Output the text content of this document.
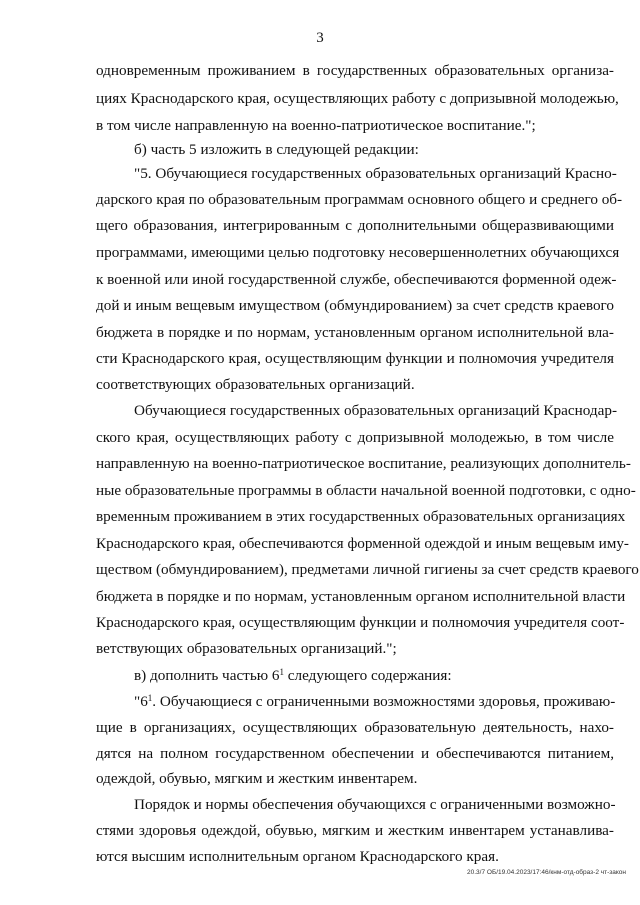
3
одновременным проживанием в государственных образовательных организа-
циях Краснодарского края, осуществляющих работу с допризывной молодежью,
в том числе направленную на военно-патриотическое воспитание.";
б) часть 5 изложить в следующей редакции:
"5. Обучающиеся государственных образовательных организаций Красно-
дарского края по образовательным программам основного общего и среднего об-
щего образования, интегрированным с дополнительными общеразвивающими
программами, имеющими целью подготовку несовершеннолетних обучающихся
к военной или иной государственной службе, обеспечиваются форменной одеж-
дой и иным вещевым имуществом (обмундированием) за счет средств краевого
бюджета в порядке и по нормам, установленным органом исполнительной вла-
сти Краснодарского края, осуществляющим функции и полномочия учредителя
соответствующих образовательных организаций.
Обучающиеся государственных образовательных организаций Краснодар-
ского края, осуществляющих работу с допризывной молодежью, в том числе
направленную на военно-патриотическое воспитание, реализующих дополнитель-
ные образовательные программы в области начальной военной подготовки, с одно-
временным проживанием в этих государственных образовательных организациях
Краснодарского края, обеспечиваются форменной одеждой и иным вещевым иму-
ществом (обмундированием), предметами личной гигиены за счет средств краевого
бюджета в порядке и по нормам, установленным органом исполнительной власти
Краснодарского края, осуществляющим функции и полномочия учредителя соот-
ветствующих образовательных организаций.";
в) дополнить частью $6^1$ следующего содержания:
"$6^1$. Обучающиеся с ограниченными возможностями здоровья, проживаю-
щие в организациях, осуществляющих образовательную деятельность, нахо-
дятся на полном государственном обеспечении и обеспечиваются питанием,
одеждой, обувью, мягким и жестким инвентарем.
Порядок и нормы обеспечения обучающихся с ограниченными возможно-
стями здоровья одеждой, обувью, мягким и жестким инвентарем устанавлива-
ются высшим исполнительным органом Краснодарского края.
20.3/7 ОБ/19.04.2023/17:46/кнм-отд-образ-2 чт-закон
